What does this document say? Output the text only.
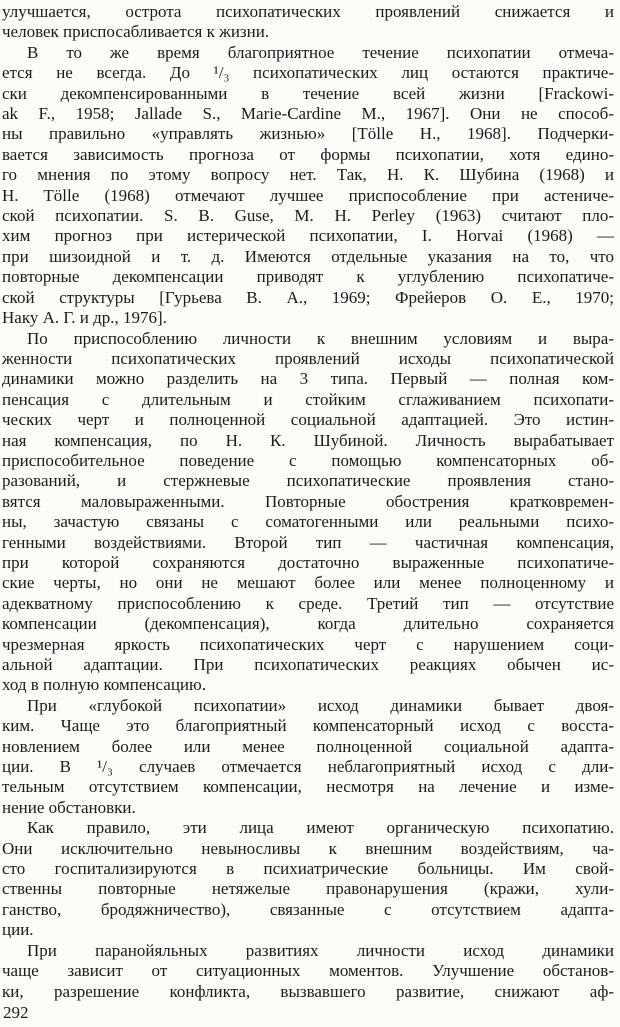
улучшается, острота психопатических проявлений снижается и
человек приспосабливается к жизни.
В то же время благоприятное течение психопатии отмеча-
ется не всегда. До ¹/₃ психопатических лиц остаются практиче-
ски декомпенсированными в течение всей жизни [Frackowi-
ak F., 1958; Jallade S., Marie-Cardine M., 1967]. Они не способ-
ны правильно «управлять жизнью» [Tölle H., 1968]. Подчерки-
вается зависимость прогноза от формы психопатии, хотя едино-
го мнения по этому вопросу нет. Так, Н. К. Шубина (1968) и
H. Tölle (1968) отмечают лучшее приспособление при астениче-
ской психопатии. S. B. Guse, M. H. Perley (1963) считают пло-
хим прогноз при истерической психопатии, I. Horvai (1968) —
при шизоидной и т. д. Имеются отдельные указания на то, что
повторные декомпенсации приводят к углублению психопатиче-
ской структуры [Гурьева В. А., 1969; Фрейеров О. Е., 1970;
Наку А. Г. и др., 1976].
По приспособлению личности к внешним условиям и выра-
женности психопатических проявлений исходы психопатической
динамики можно разделить на 3 типа. Первый — полная ком-
пенсация с длительным и стойким сглаживанием психопати-
ческих черт и полноценной социальной адаптацией. Это истин-
ная компенсация, по Н. К. Шубиной. Личность вырабатывает
приспособительное поведение с помощью компенсаторных об-
разований, и стержневые психопатические проявления стано-
вятся маловыраженными. Повторные обострения кратковремен-
ны, зачастую связаны с соматогенными или реальными психо-
генными воздействиями. Второй тип — частичная компенсация,
при которой сохраняются достаточно выраженные психопатиче-
ские черты, но они не мешают более или менее полноценному и
адекватному приспособлению к среде. Третий тип — отсутствие
компенсации (декомпенсация), когда длительно сохраняется
чрезмерная яркость психопатических черт с нарушением соци-
альной адаптации. При психопатических реакциях обычен ис-
ход в полную компенсацию.
При «глубокой психопатии» исход динамики бывает двоя-
ким. Чаще это благоприятный компенсаторный исход с восста-
новлением более или менее полноценной социальной адапта-
ции. В ¹/₃ случаев отмечается неблагоприятный исход с дли-
тельным отсутствием компенсации, несмотря на лечение и изме-
нение обстановки.
Как правило, эти лица имеют органическую психопатию.
Они исключительно невыносливы к внешним воздействиям, ча-
сто госпитализируются в психиатрические больницы. Им свой-
ственны повторные нетяжелые правонарушения (кражи, хули-
ганство, бродяжничество), связанные с отсутствием адапта-
ции.
При паранойяльных развитиях личности исход динамики
чаще зависит от ситуационных моментов. Улучшение обстанов-
ки, разрешение конфликта, вызвавшего развитие, снижают аф-
292
